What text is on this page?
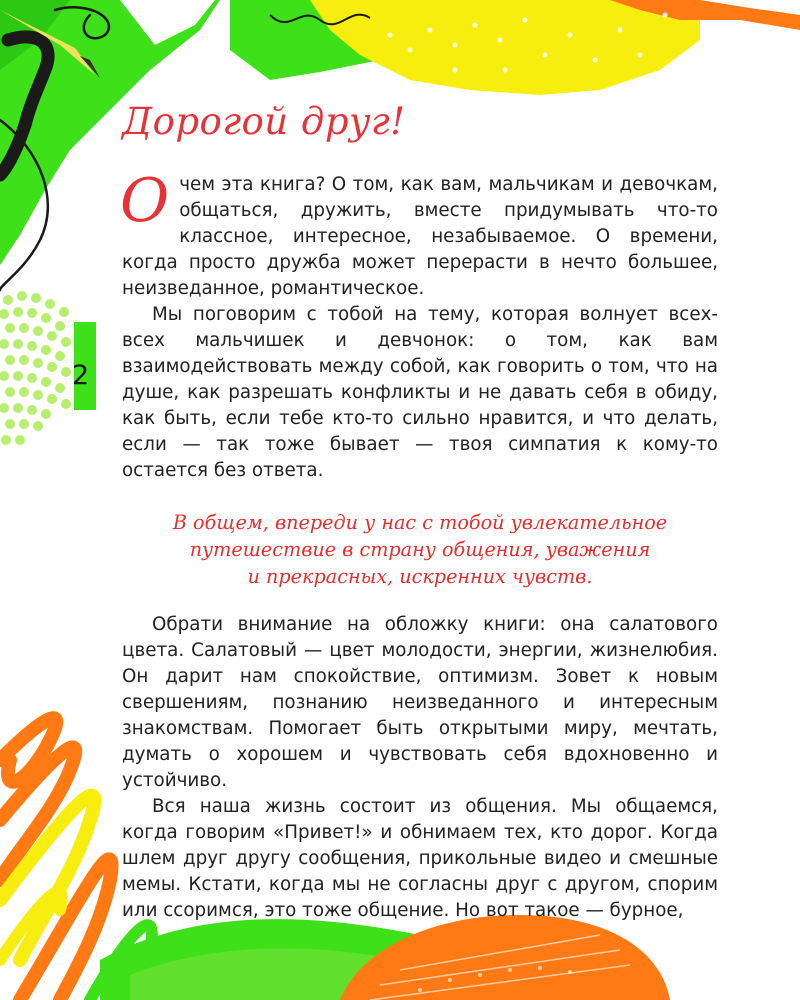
2
Дорогой друг!

Очем эта книга? О том, как вам, мальчикам и девочкам, общаться, дружить, вместе придумывать что-то классное, интересное, незабываемое. О времени, когда просто дружба может перерасти в нечто большее, неизведанное, романтическое.

Мы поговорим с тобой на тему, которая волнует всех-всех мальчишек и девчонок: о том, как вам взаимодействовать между собой, как говорить о том, что на душе, как разрешать конфликты и не давать себя в обиду, как быть, если тебе кто-то сильно нравится, и что делать, если — так тоже бывает — твоя симпатия к кому-то остается без ответа.

В общем, впереди у нас с тобой увлекательное
путешествие в страну общения, уважения
и прекрасных, искренних чувств.

Обрати внимание на обложку книги: она салатового цвета. Салатовый — цвет молодости, энергии, жизнелюбия. Он дарит нам спокойствие, оптимизм. Зовет к новым свершениям, познанию неизведанного и интересным знакомствам. Помогает быть открытыми миру, мечтать, думать о хорошем и чувствовать себя вдохновенно и устойчиво.

Вся наша жизнь состоит из общения. Мы общаемся, когда говорим «Привет!» и обнимаем тех, кто дорог. Когда шлем друг другу сообщения, прикольные видео и смешные мемы. Кстати, когда мы не согласны друг с другом, спорим или ссоримся, это тоже общение. Но вот такое — бурное,
